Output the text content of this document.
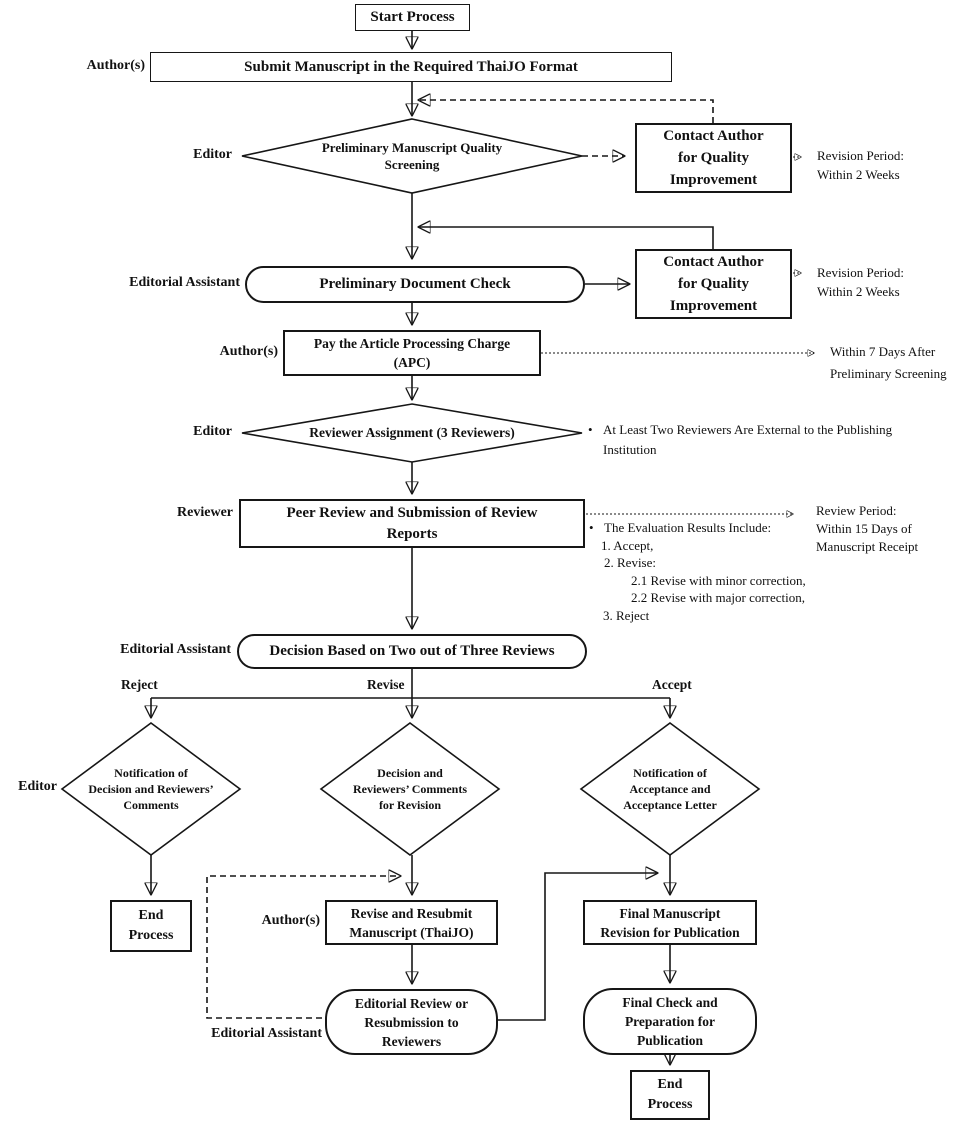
Start Process
Submit Manuscript in the Required ThaiJO Format
Preliminary Manuscript Quality
Screening
Contact Author
for Quality
Improvement
Preliminary Document Check
Contact Author
for Quality
Improvement
Pay the Article Processing Charge
(APC)
Reviewer Assignment (3 Reviewers)
Peer Review and Submission of Review
Reports
Decision Based on Two out of Three Reviews
Reject	Revise	Accept
Notification of
Decision and Reviewers’
Comments
Decision and
Reviewers’ Comments
for Revision
Notification of
Acceptance and
Acceptance Letter
End
Process
Revise and Resubmit
Manuscript (ThaiJO)
Editorial Review or
Resubmission to
Reviewers
Final Manuscript
Revision for Publication
Final Check and
Preparation for
Publication
End
Process
Author(s)
Editor
Editorial Assistant
Author(s)
Editor
Reviewer
Editorial Assistant
Editor
Author(s)
Editorial Assistant
Revision Period:
Within 2 Weeks
Revision Period:
Within 2 Weeks
Within 7 Days After
Preliminary Screening
• At Least Two Reviewers Are External to the Publishing
Institution
Review Period:
Within 15 Days of
Manuscript Receipt
• The Evaluation Results Include:
1. Accept,
2. Revise:
2.1 Revise with minor correction,
2.2 Revise with major correction,
3. Reject
